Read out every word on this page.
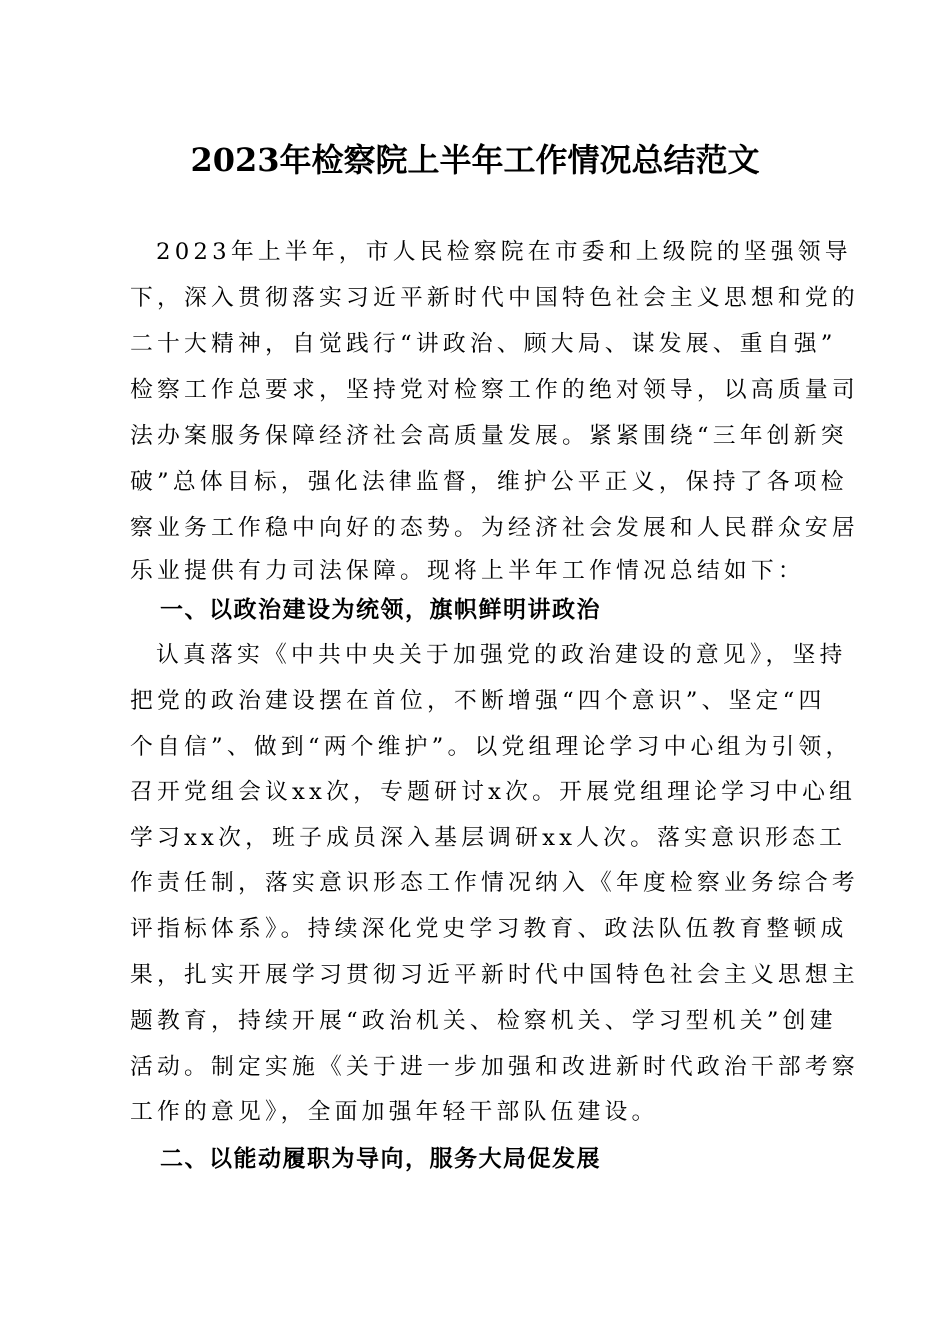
2023年检察院上半年工作情况总结范文
2023年上半年，市人民检察院在市委和上级院的坚强领导
下，深入贯彻落实习近平新时代中国特色社会主义思想和党的
二十大精神，自觉践行“讲政治、顾大局、谋发展、重自强”
检察工作总要求，坚持党对检察工作的绝对领导，以高质量司
法办案服务保障经济社会高质量发展。紧紧围绕“三年创新突
破”总体目标，强化法律监督，维护公平正义，保持了各项检
察业务工作稳中向好的态势。为经济社会发展和人民群众安居
乐业提供有力司法保障。现将上半年工作情况总结如下：
一、以政治建设为统领，旗帜鲜明讲政治
认真落实《中共中央关于加强党的政治建设的意见》，坚持
把党的政治建设摆在首位，不断增强“四个意识”、坚定“四
个自信”、做到“两个维护”。以党组理论学习中心组为引领，
召开党组会议xx次，专题研讨x次。开展党组理论学习中心组
学习xx次，班子成员深入基层调研xx人次。落实意识形态工
作责任制，落实意识形态工作情况纳入《年度检察业务综合考
评指标体系》。持续深化党史学习教育、政法队伍教育整顿成
果，扎实开展学习贯彻习近平新时代中国特色社会主义思想主
题教育，持续开展“政治机关、检察机关、学习型机关”创建
活动。制定实施《关于进一步加强和改进新时代政治干部考察
工作的意见》，全面加强年轻干部队伍建设。
二、以能动履职为导向，服务大局促发展
